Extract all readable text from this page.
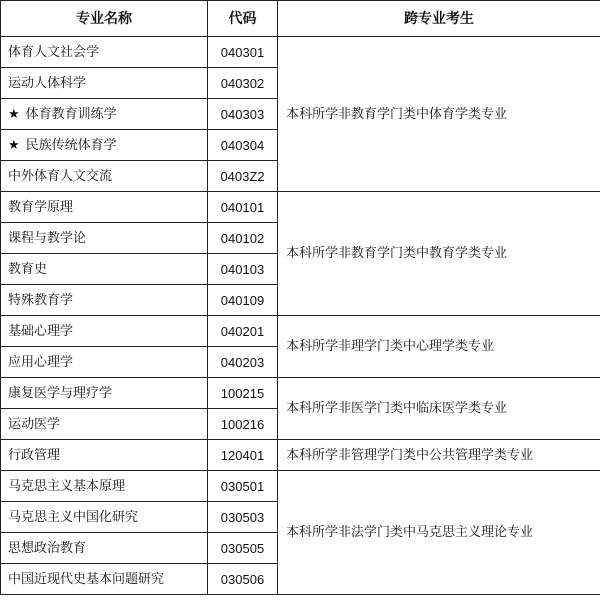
专业名称	代码	跨专业考生
体育人文社会学	040301	本科所学非教育学门类中体育学类专业
运动人体科学	040302	
★ 体育教育训练学	040303	
★ 民族传统体育学	040304	
中外体育人文交流	0403Z2	
教育学原理	040101	本科所学非教育学门类中教育学类专业
课程与教学论	040102	
教育史	040103	
特殊教育学	040109	
基础心理学	040201	本科所学非理学门类中心理学类专业
应用心理学	040203	
康复医学与理疗学	100215	本科所学非医学门类中临床医学类专业
运动医学	100216	
行政管理	120401	本科所学非管理学门类中公共管理学类专业
马克思主义基本原理	030501	本科所学非法学门类中马克思主义理论专业
马克思主义中国化研究	030503	
思想政治教育	030505	
中国近现代史基本问题研究	030506	
